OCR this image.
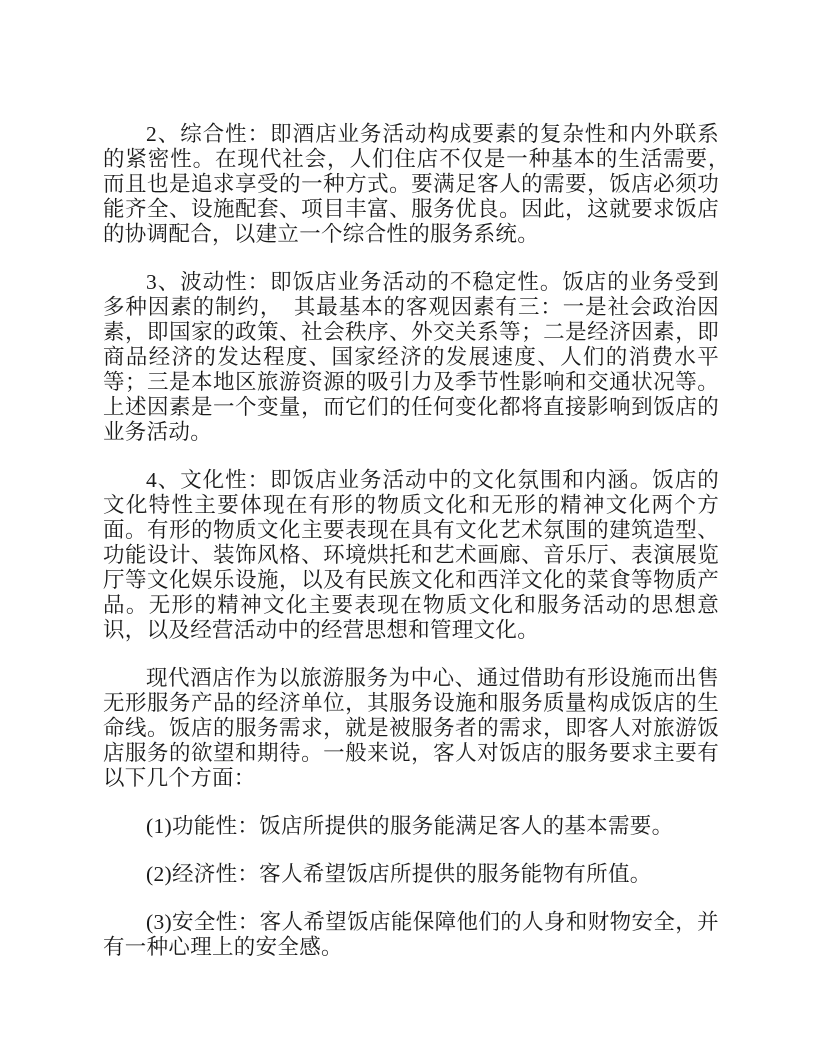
2、综合性：即酒店业务活动构成要素的复杂性和内外联系的紧密性。在现代社会，人们住店不仅是一种基本的生活需要，　而且也是追求享受的一种方式。要满足客人的需要，饭店必须功能齐全、设施配套、项目丰富、服务优良。因此，这就要求饭店的协调配合，以建立一个综合性的服务系统。

3、波动性：即饭店业务活动的不稳定性。饭店的业务受到多种因素的制约，　其最基本的客观因素有三：一是社会政治因素，即国家的政策、社会秩序、外交关系等；二是经济因素，即商品经济的发达程度、国家经济的发展速度、人们的消费水平等；三是本地区旅游资源的吸引力及季节性影响和交通状况等。上述因素是一个变量，而它们的任何变化都将直接影响到饭店的业务活动。

4、文化性：即饭店业务活动中的文化氛围和内涵。饭店的文化特性主要体现在有形的物质文化和无形的精神文化两个方面。有形的物质文化主要表现在具有文化艺术氛围的建筑造型、功能设计、装饰风格、环境烘托和艺术画廊、音乐厅、表演展览厅等文化娱乐设施，以及有民族文化和西洋文化的菜食等物质产品。无形的精神文化主要表现在物质文化和服务活动的思想意识，以及经营活动中的经营思想和管理文化。

现代酒店作为以旅游服务为中心、通过借助有形设施而出售无形服务产品的经济单位，其服务设施和服务质量构成饭店的生命线。饭店的服务需求，就是被服务者的需求，即客人对旅游饭店服务的欲望和期待。一般来说，客人对饭店的服务要求主要有以下几个方面：

(1)功能性：饭店所提供的服务能满足客人的基本需要。

(2)经济性：客人希望饭店所提供的服务能物有所值。

(3)安全性：客人希望饭店能保障他们的人身和财物安全，并有一种心理上的安全感。
